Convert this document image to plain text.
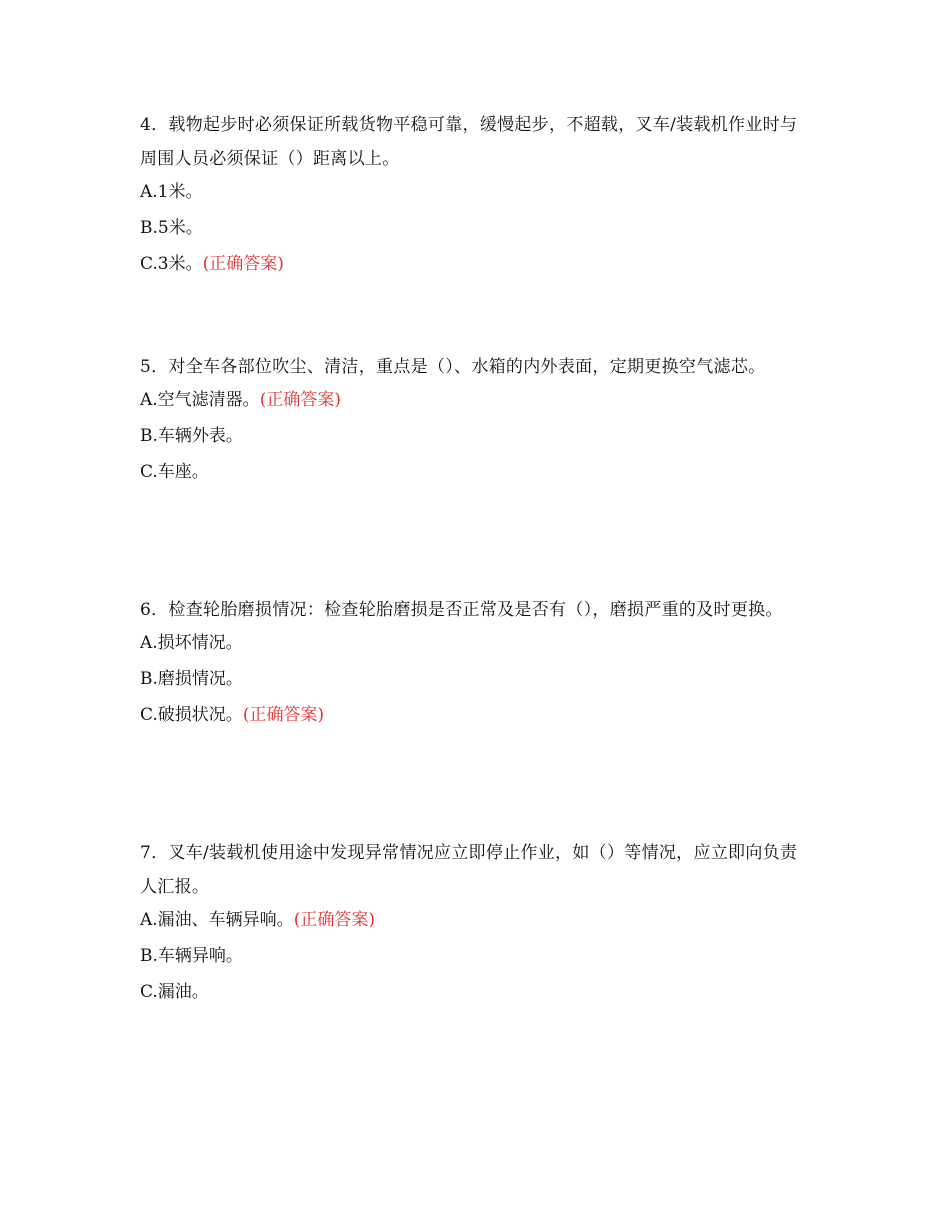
4．载物起步时必须保证所载货物平稳可靠，缓慢起步，不超载，叉车/装载机作业时与周围人员必须保证（）距离以上。

A.1米。
B.5米。
C.3米。(正确答案)

5．对全车各部位吹尘、清洁，重点是（）、水箱的内外表面，定期更换空气滤芯。

A.空气滤清器。(正确答案)
B.车辆外表。
C.车座。

6．检查轮胎磨损情况：检查轮胎磨损是否正常及是否有（），磨损严重的及时更换。

A.损坏情况。
B.磨损情况。
C.破损状况。(正确答案)

7．叉车/装载机使用途中发现异常情况应立即停止作业，如（）等情况，应立即向负责人汇报。

A.漏油、车辆异响。(正确答案)
B.车辆异响。
C.漏油。
